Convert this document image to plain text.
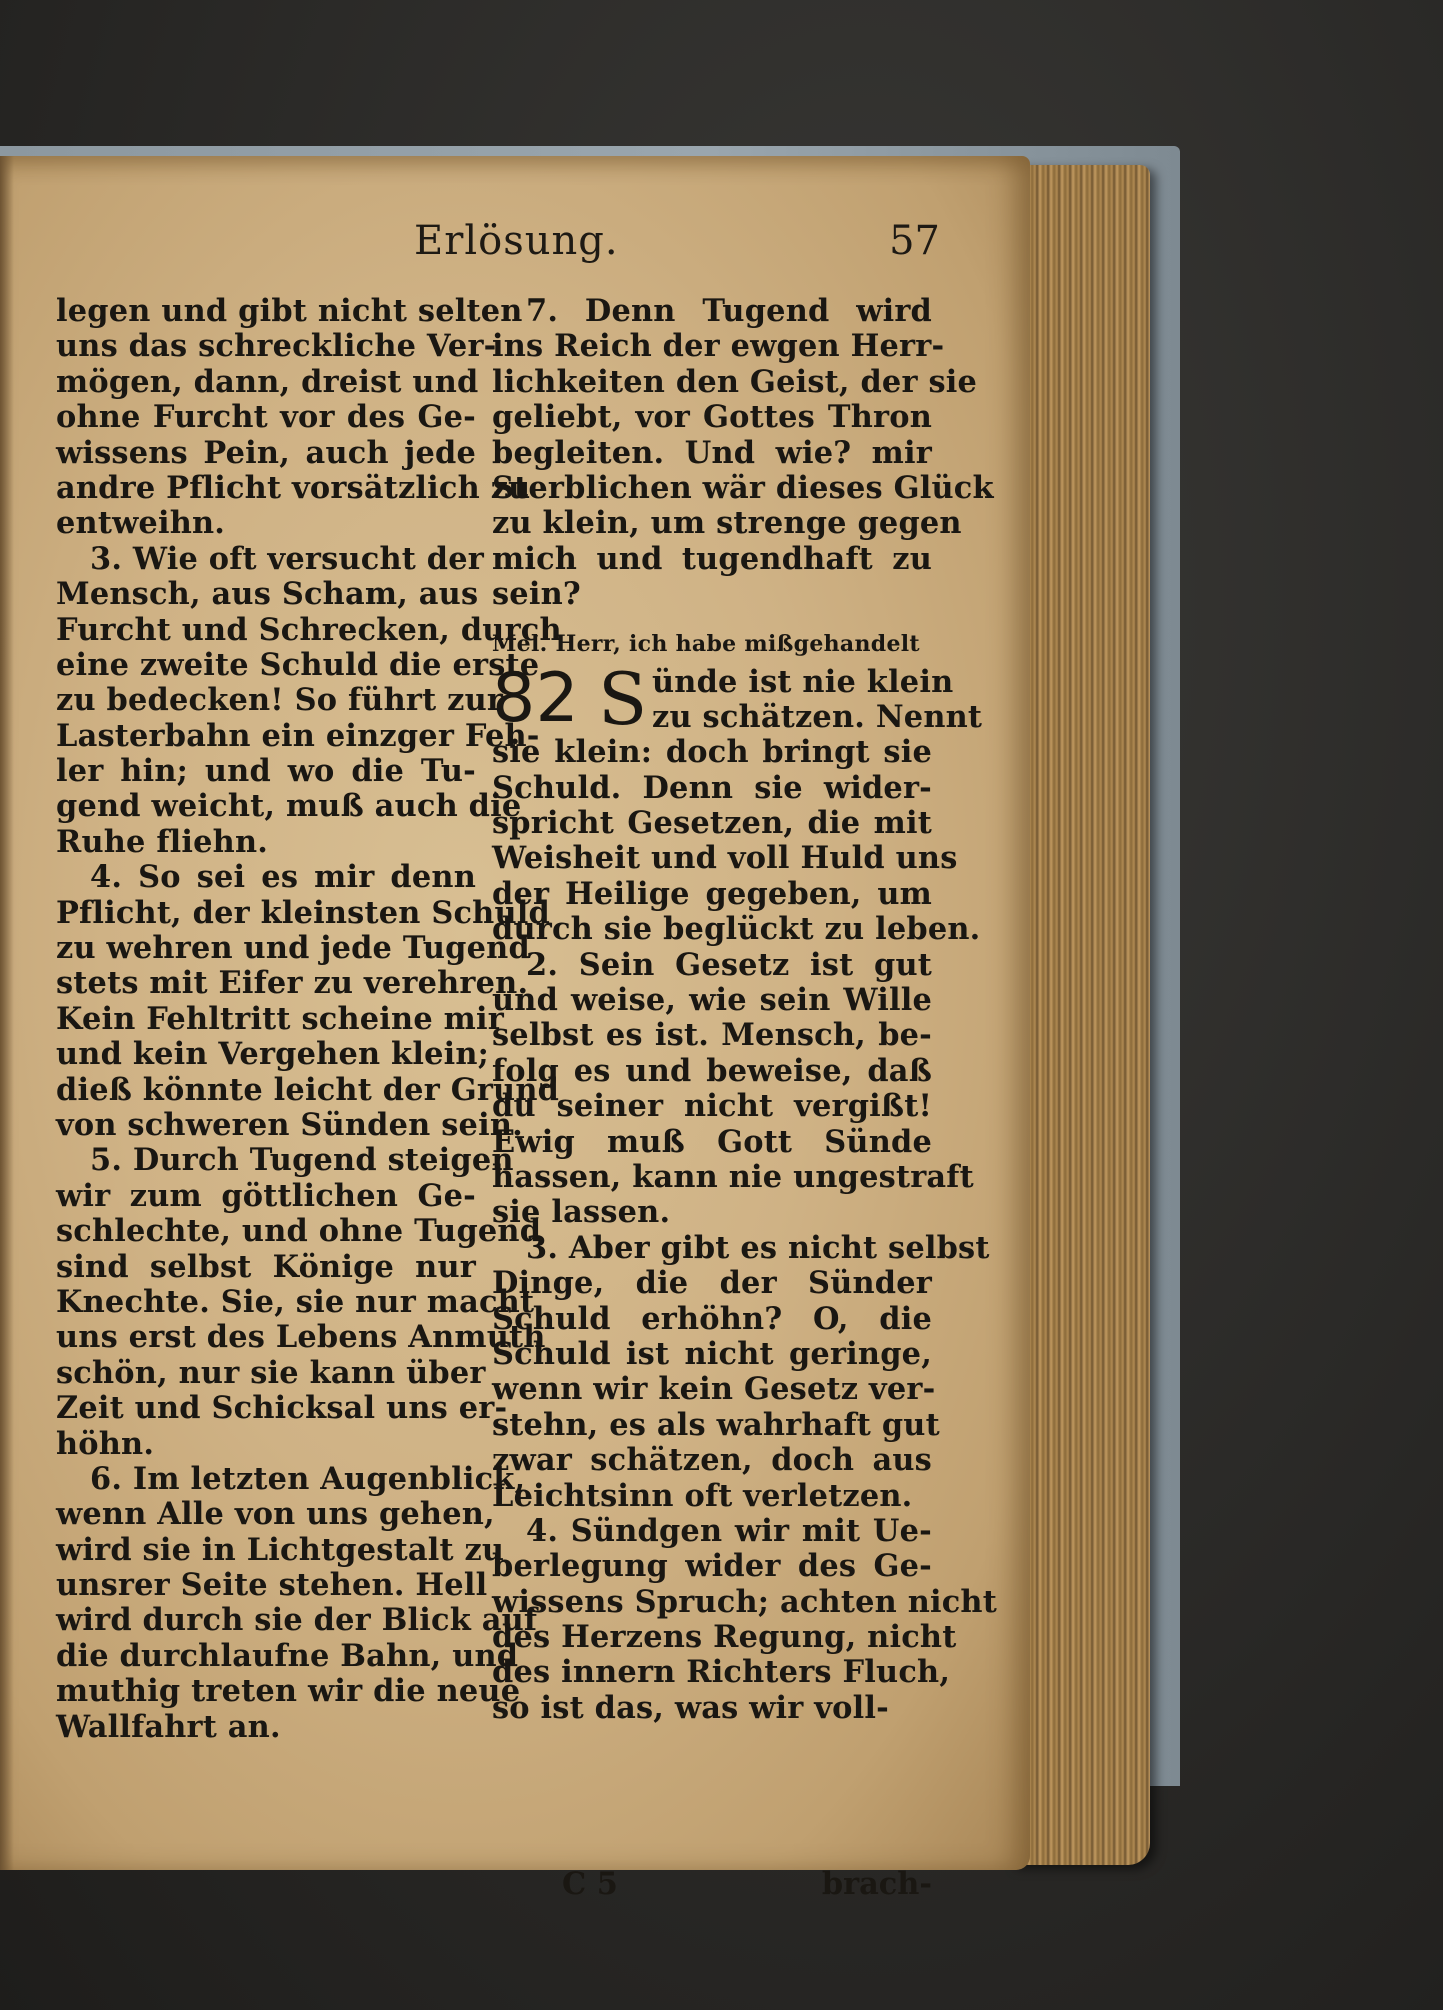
Erlösung.	57
legen und gibt nicht selten
uns das schreckliche Ver-
mögen, dann, dreist und
ohne Furcht vor des Ge-
wissens Pein, auch jede
andre Pflicht vorsätzlich zu
entweihn.
3. Wie oft versucht der
Mensch, aus Scham, aus
Furcht und Schrecken, durch
eine zweite Schuld die erste
zu bedecken! So führt zur
Lasterbahn ein einzger Feh-
ler hin; und wo die Tu-
gend weicht, muß auch die
Ruhe fliehn.
4. So sei es mir denn
Pflicht, der kleinsten Schuld
zu wehren und jede Tugend
stets mit Eifer zu verehren.
Kein Fehltritt scheine mir
und kein Vergehen klein;
dieß könnte leicht der Grund
von schweren Sünden sein.
5. Durch Tugend steigen
wir zum göttlichen Ge-
schlechte, und ohne Tugend
sind selbst Könige nur
Knechte. Sie, sie nur macht
uns erst des Lebens Anmuth
schön, nur sie kann über
Zeit und Schicksal uns er-
höhn.
6. Im letzten Augenblick,
wenn Alle von uns gehen,
wird sie in Lichtgestalt zu
unsrer Seite stehen. Hell
wird durch sie der Blick auf
die durchlaufne Bahn, und
muthig treten wir die neue
Wallfahrt an.
7. Denn Tugend wird
ins Reich der ewgen Herr-
lichkeiten den Geist, der sie
geliebt, vor Gottes Thron
begleiten. Und wie? mir
Sterblichen wär dieses Glück
zu klein, um strenge gegen
mich und tugendhaft zu
sein?
Mel. Herr, ich habe mißgehandelt
82 S ünde ist nie klein
zu schätzen. Nennt
sie klein: doch bringt sie
Schuld. Denn sie wider-
spricht Gesetzen, die mit
Weisheit und voll Huld uns
der Heilige gegeben, um
durch sie beglückt zu leben.
2. Sein Gesetz ist gut
und weise, wie sein Wille
selbst es ist. Mensch, be-
folg es und beweise, daß
du seiner nicht vergißt!
Ewig muß Gott Sünde
hassen, kann nie ungestraft
sie lassen.
3. Aber gibt es nicht selbst
Dinge, die der Sünder
Schuld erhöhn? O, die
Schuld ist nicht geringe,
wenn wir kein Gesetz ver-
stehn, es als wahrhaft gut
zwar schätzen, doch aus
Leichtsinn oft verletzen.
4. Sündgen wir mit Ue-
berlegung wider des Ge-
wissens Spruch; achten nicht
des Herzens Regung, nicht
des innern Richters Fluch,
so ist das, was wir voll-
C 5	brach-
